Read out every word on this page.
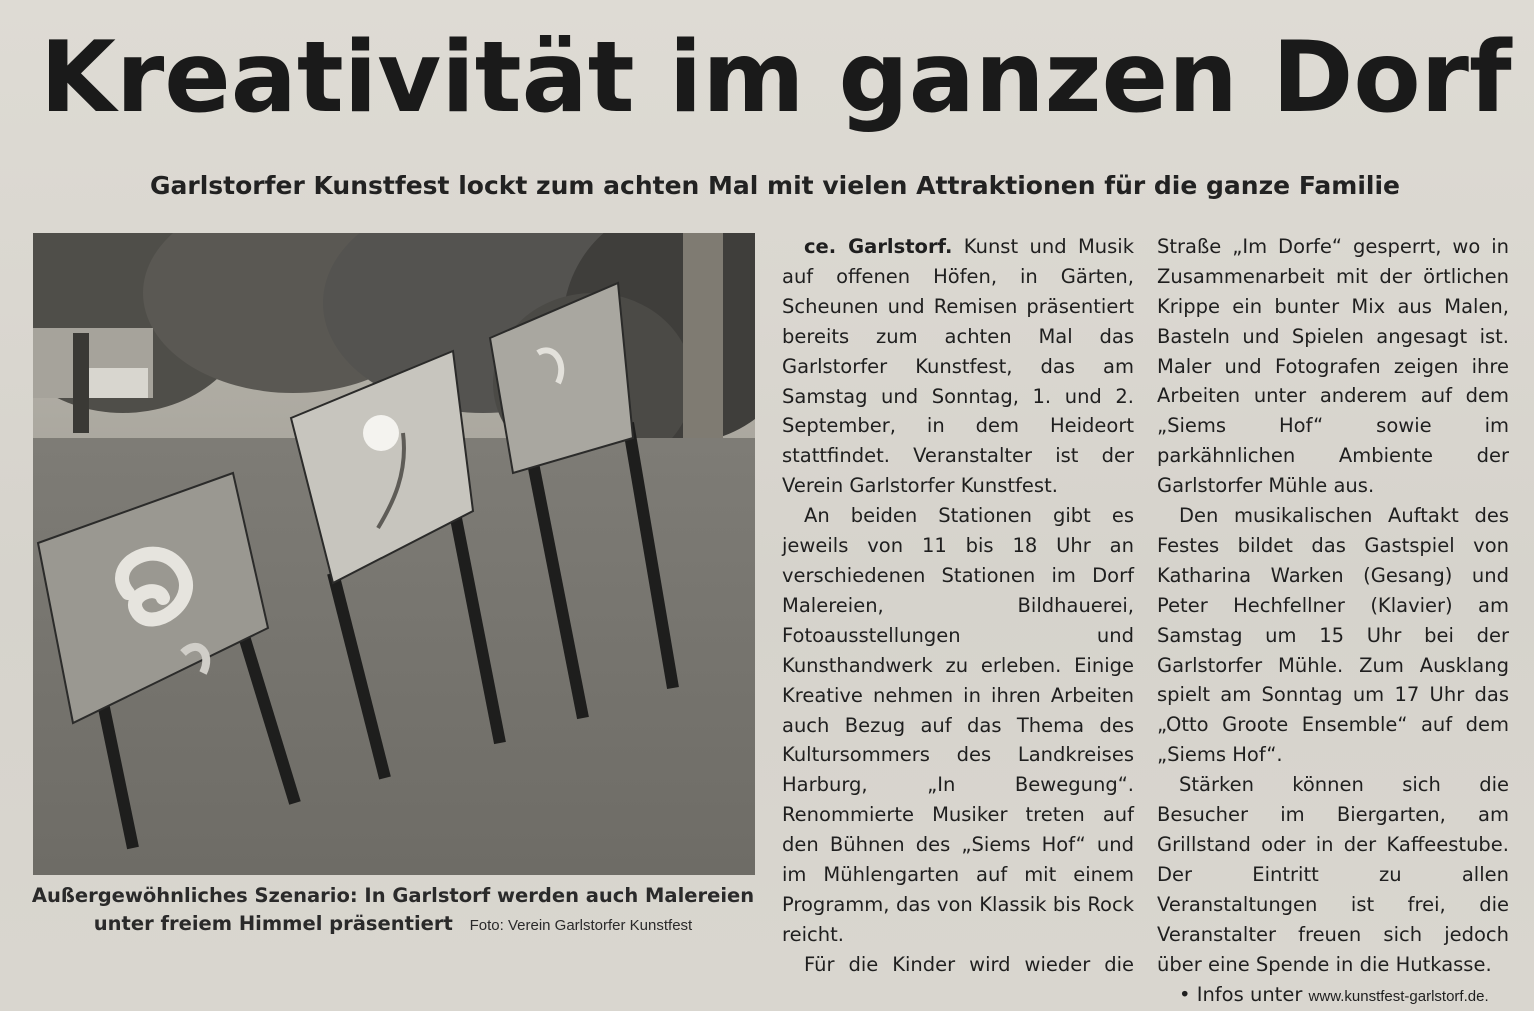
Kreativität im ganzen Dorf
Garlstorfer Kunstfest lockt zum achten Mal mit vielen Attraktionen für die ganze Familie
Außergewöhnliches Szenario: In Garlstorf werden auch Malereien unter freiem Himmel präsentiert Foto: Verein Garlstorfer Kunstfest

ce. Garlstorf. Kunst und Musik auf offenen Höfen, in Gärten, Scheunen und Remisen präsentiert bereits zum achten Mal das Garlstorfer Kunstfest, das am Samstag und Sonntag, 1. und 2. September, in dem Heideort stattfindet. Veranstalter ist der Verein Garlstorfer Kunstfest.

An beiden Stationen gibt es jeweils von 11 bis 18 Uhr an verschiedenen Stationen im Dorf Malereien, Bildhauerei, Fotoausstellungen und Kunsthandwerk zu erleben. Einige Kreative nehmen in ihren Arbeiten auch Bezug auf das Thema des Kultursommers des Landkreises Harburg, „In Bewegung“. Renommierte Musiker treten auf den Bühnen des „Siems Hof“ und im Mühlengarten auf mit einem Programm, das von Klassik bis Rock reicht.

Für die Kinder wird wieder die

Straße „Im Dorfe“ gesperrt, wo in Zusammenarbeit mit der örtlichen Krippe ein bunter Mix aus Malen, Basteln und Spielen angesagt ist. Maler und Fotografen zeigen ihre Arbeiten unter anderem auf dem „Siems Hof“ sowie im parkähnlichen Ambiente der Garlstorfer Mühle aus.

Den musikalischen Auftakt des Festes bildet das Gastspiel von Katharina Warken (Gesang) und Peter Hechfellner (Klavier) am Samstag um 15 Uhr bei der Garlstorfer Mühle. Zum Ausklang spielt am Sonntag um 17 Uhr das „Otto Groote Ensemble“ auf dem „Siems Hof“.

Stärken können sich die Besucher im Biergarten, am Grillstand oder in der Kaffeestube. Der Eintritt zu allen Veranstaltungen ist frei, die Veranstalter freuen sich jedoch über eine Spende in die Hutkasse.

• Infos unter www.kunstfest-garlstorf.de.
